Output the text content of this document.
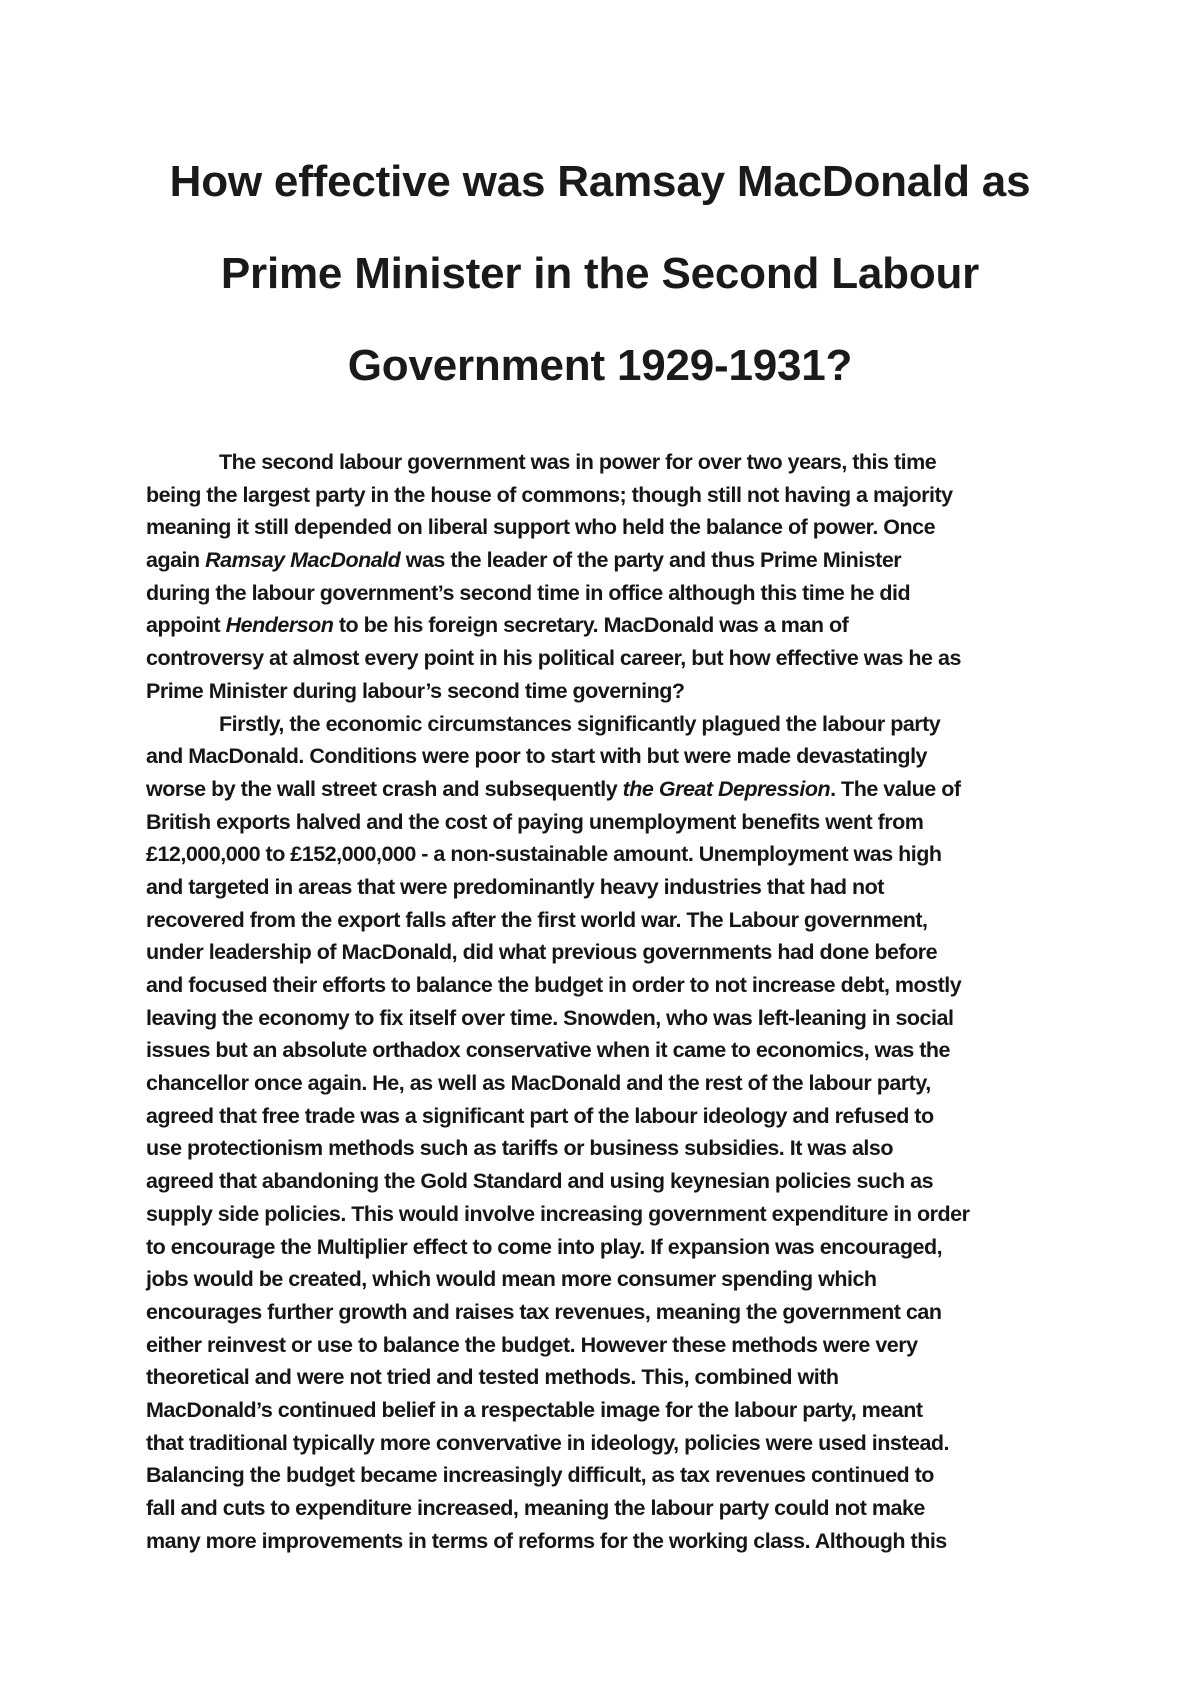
How effective was Ramsay MacDonald as
Prime Minister in the Second Labour
Government 1929-1931?
The second labour government was in power for over two years, this time
being the largest party in the house of commons; though still not having a majority
meaning it still depended on liberal support who held the balance of power. Once
again Ramsay MacDonald was the leader of the party and thus Prime Minister
during the labour government’s second time in office although this time he did
appoint Henderson to be his foreign secretary. MacDonald was a man of
controversy at almost every point in his political career, but how effective was he as
Prime Minister during labour’s second time governing?
Firstly, the economic circumstances significantly plagued the labour party
and MacDonald. Conditions were poor to start with but were made devastatingly
worse by the wall street crash and subsequently the Great Depression. The value of
British exports halved and the cost of paying unemployment benefits went from
£12,000,000 to £152,000,000 - a non-sustainable amount. Unemployment was high
and targeted in areas that were predominantly heavy industries that had not
recovered from the export falls after the first world war. The Labour government,
under leadership of MacDonald, did what previous governments had done before
and focused their efforts to balance the budget in order to not increase debt, mostly
leaving the economy to fix itself over time. Snowden, who was left-leaning in social
issues but an absolute orthadox conservative when it came to economics, was the
chancellor once again. He, as well as MacDonald and the rest of the labour party,
agreed that free trade was a significant part of the labour ideology and refused to
use protectionism methods such as tariffs or business subsidies. It was also
agreed that abandoning the Gold Standard and using keynesian policies such as
supply side policies. This would involve increasing government expenditure in order
to encourage the Multiplier effect to come into play. If expansion was encouraged,
jobs would be created, which would mean more consumer spending which
encourages further growth and raises tax revenues, meaning the government can
either reinvest or use to balance the budget. However these methods were very
theoretical and were not tried and tested methods. This, combined with
MacDonald’s continued belief in a respectable image for the labour party, meant
that traditional typically more convervative in ideology, policies were used instead.
Balancing the budget became increasingly difficult, as tax revenues continued to
fall and cuts to expenditure increased, meaning the labour party could not make
many more improvements in terms of reforms for the working class. Although this
